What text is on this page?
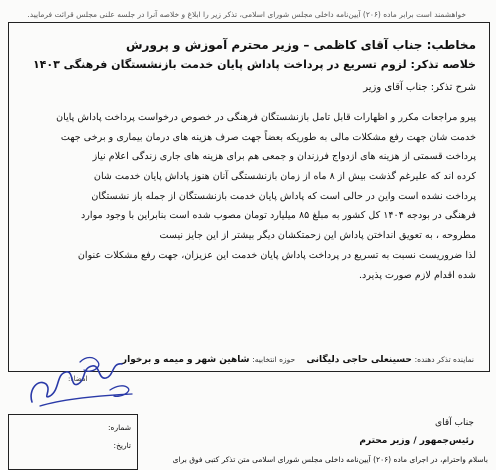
خواهشمند است برابر ماده (۲۰۶) آیین‌نامه داخلی مجلس شورای اسلامی، تذکر زیر را ابلاغ و خلاصه آنرا در جلسه علنی مجلس قرائت فرمایید.
مخاطب: جناب آقای کاظمی – وزیر محترم آموزش و پرورش
خلاصه تذکر: لزوم تسریع در پرداخت پاداش پایان خدمت بازنشستگان فرهنگی ۱۴۰۳
شرح تذکر: جناب آقای وزیر
پیرو مراجعات مکرر و اظهارات قابل تامل بازنشستگان فرهنگی در خصوص درخواست پرداخت پاداش پایان
خدمت شان جهت رفع مشکلات مالی به طوریکه بعضاً جهت صرف هزینه های درمان بیماری و برخی جهت
پرداخت قسمتی از هزینه های ازدواج فرزندان و جمعی هم برای هزینه های جاری زندگی اعلام نیاز
کرده اند که علیرغم گذشت بیش از ۸ ماه از زمان بازنشستگی آنان هنوز پاداش پایان خدمت شان
پرداخت نشده است واین در حالی است که پاداش پایان خدمت بازنشستگان از جمله باز نشستگان
فرهنگی در بودجه ۱۴۰۴ کل کشور به مبلغ ۸۵ میلیارد تومان مصوب شده است بنابراین با وجود موارد
مطروحه ، به تعویق انداختن پاداش این زحمتکشان دیگر بیشتر از این جایز نیست
لذا ضروریست نسبت به تسریع در پرداخت پاداش پایان خدمت این عزیزان، جهت رفع مشکلات عنوان
شده اقدام لازم صورت پذیرد.
نماینده تذکر دهنده: حسینعلی حاجی دلیگانی  حوزه انتخابیه: شاهین شهر و میمه و برخوار
امضاء:
شماره:
تاریخ:
جناب آقای
رئیس‌جمهور / وزیر محترم
باسلام واحترام، در اجرای ماده (۲۰۶) آیین‌نامه داخلی مجلس شورای اسلامی متن تذکر کتبی فوق برای
